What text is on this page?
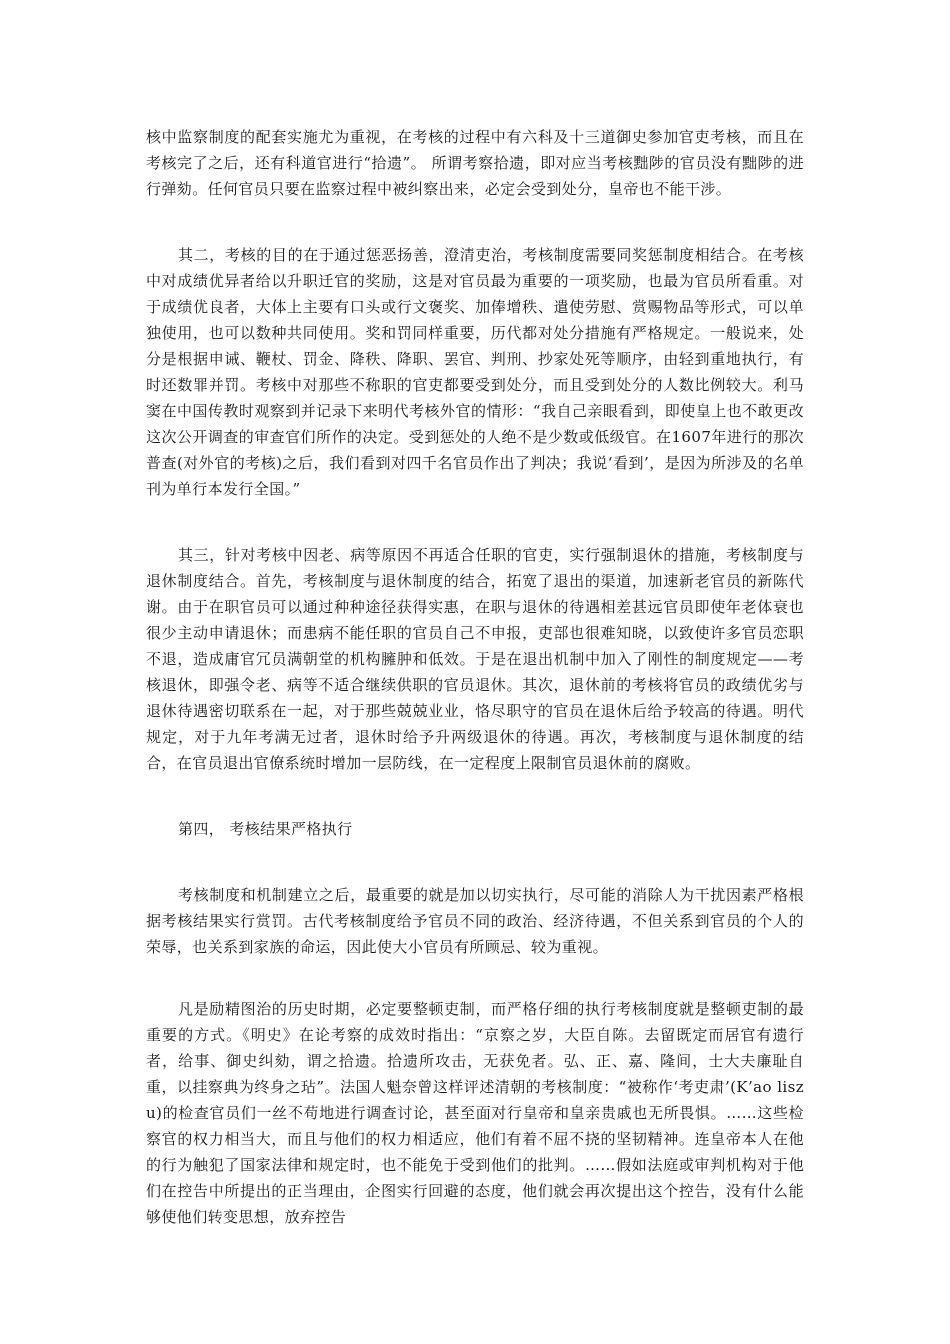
核中监察制度的配套实施尤为重视，在考核的过程中有六科及十三道御史参加官吏考核，而且在考核完了之后，还有科道官进行“拾遗”。 所谓考察拾遗，即对应当考核黜陟的官员没有黜陟的进行弹劾。任何官员只要在监察过程中被纠察出来，必定会受到处分，皇帝也不能干涉。

其二，考核的目的在于通过惩恶扬善，澄清吏治，考核制度需要同奖惩制度相结合。在考核中对成绩优异者给以升职迁官的奖励，这是对官员最为重要的一项奖励，也最为官员所看重。对于成绩优良者，大体上主要有口头或行文褒奖、加俸增秩、遣使劳慰、赏赐物品等形式，可以单独使用，也可以数种共同使用。奖和罚同样重要，历代都对处分措施有严格规定。一般说来，处分是根据申诫、鞭杖、罚金、降秩、降职、罢官、判刑、抄家处死等顺序，由轻到重地执行，有时还数罪并罚。考核中对那些不称职的官吏都要受到处分，而且受到处分的人数比例较大。利马窦在中国传教时观察到并记录下来明代考核外官的情形：“我自己亲眼看到，即使皇上也不敢更改这次公开调查的审查官们所作的决定。受到惩处的人绝不是少数或低级官。在1607年进行的那次普查(对外官的考核)之后，我们看到对四千名官员作出了判决；我说‘看到’，是因为所涉及的名单刊为单行本发行全国。”

其三，针对考核中因老、病等原因不再适合任职的官吏，实行强制退休的措施，考核制度与退休制度结合。首先，考核制度与退休制度的结合，拓宽了退出的渠道，加速新老官员的新陈代谢。由于在职官员可以通过种种途径获得实惠，在职与退休的待遇相差甚远官员即使年老体衰也很少主动申请退休；而患病不能任职的官员自己不申报，吏部也很难知晓，以致使许多官员恋职不退，造成庸官冗员满朝堂的机构臃肿和低效。于是在退出机制中加入了刚性的制度规定——考核退休，即强令老、病等不适合继续供职的官员退休。其次，退休前的考核将官员的政绩优劣与退休待遇密切联系在一起，对于那些兢兢业业，恪尽职守的官员在退休后给予较高的待遇。明代规定，对于九年考满无过者，退休时给予升两级退休的待遇。再次，考核制度与退休制度的结合，在官员退出官僚系统时增加一层防线，在一定程度上限制官员退休前的腐败。

第四， 考核结果严格执行

考核制度和机制建立之后，最重要的就是加以切实执行，尽可能的消除人为干扰因素严格根据考核结果实行赏罚。古代考核制度给予官员不同的政治、经济待遇，不但关系到官员的个人的荣辱，也关系到家族的命运，因此使大小官员有所顾忌、较为重视。

凡是励精图治的历史时期，必定要整顿吏制，而严格仔细的执行考核制度就是整顿吏制的最重要的方式。《明史》在论考察的成效时指出：“京察之岁，大臣自陈。去留既定而居官有遗行者，给事、御史纠劾，谓之拾遗。拾遗所攻击，无获免者。弘、正、嘉、隆间，士大夫廉耻自重，以挂察典为终身之玷”。法国人魁奈曾这样评述清朝的考核制度：“被称作‘考吏肃’(K’ao liszu)的检查官员们一丝不苟地进行调查讨论，甚至面对行皇帝和皇亲贵戚也无所畏惧。……这些检察官的权力相当大，而且与他们的权力相适应，他们有着不屈不挠的坚韧精神。连皇帝本人在他的行为触犯了国家法律和规定时，也不能免于受到他们的批判。……假如法庭或审判机构对于他们在控告中所提出的正当理由，企图实行回避的态度，他们就会再次提出这个控告，没有什么能够使他们转变思想，放弃控告
